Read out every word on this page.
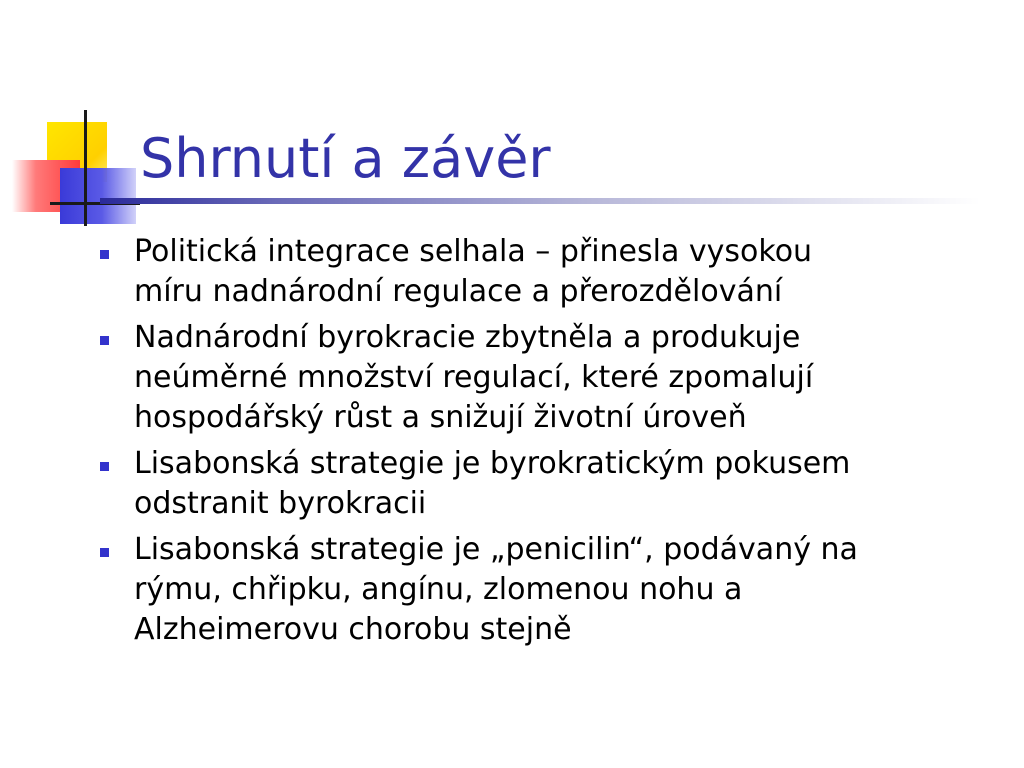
Shrnutí a závěr
Politická integrace selhala – přinesla vysokou
míru nadnárodní regulace a přerozdělování
Nadnárodní byrokracie zbytněla a produkuje
neúměrné množství regulací, které zpomalují
hospodářský růst a snižují životní úroveň
Lisabonská strategie je byrokratickým pokusem
odstranit byrokracii
Lisabonská strategie je „penicilin“, podávaný na
rýmu, chřipku, angínu, zlomenou nohu a
Alzheimerovu chorobu stejně
